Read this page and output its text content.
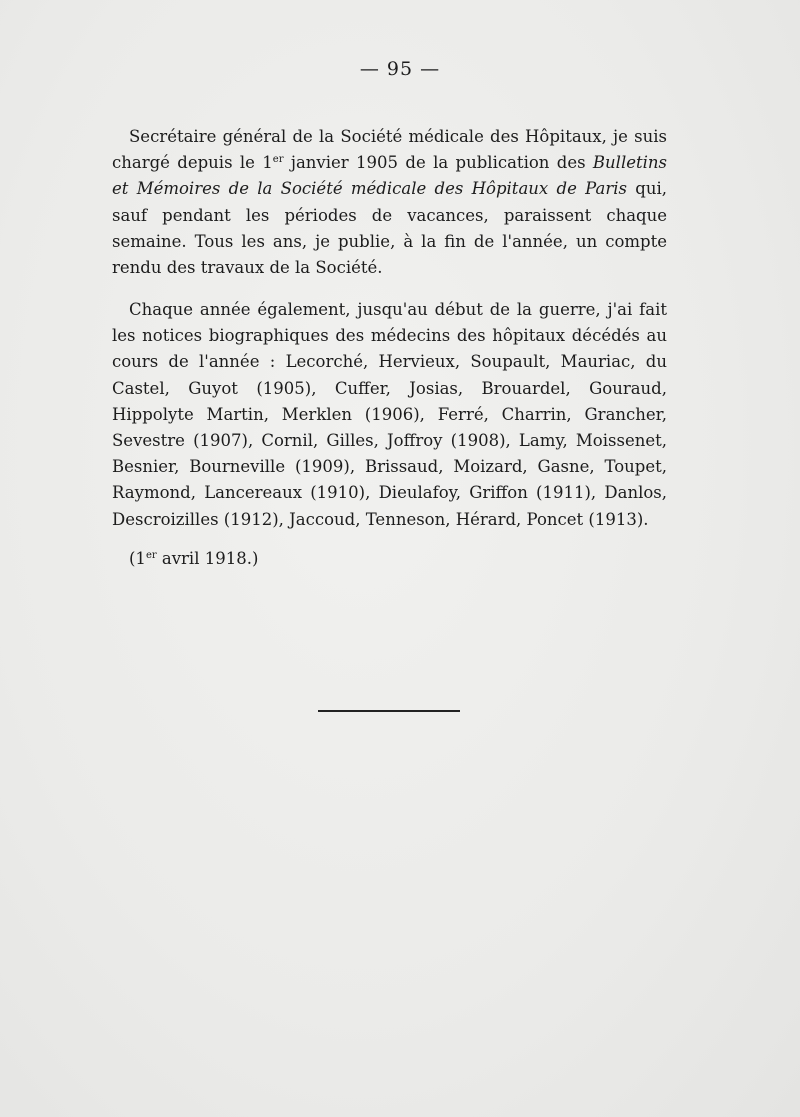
— 95 —

Secrétaire général de la Société médicale des Hôpitaux, je suis chargé depuis le 1er janvier 1905 de la publication des Bulletins et Mémoires de la Société médicale des Hôpitaux de Paris qui, sauf pendant les périodes de vacances, paraissent chaque semaine. Tous les ans, je publie, à la fin de l'année, un compte rendu des travaux de la Société.

Chaque année également, jusqu'au début de la guerre, j'ai fait les notices biographiques des médecins des hôpitaux décédés au cours de l'année : Lecorché, Hervieux, Soupault, Mauriac, du Castel, Guyot (1905), Cuffer, Josias, Brouardel, Gouraud, Hippolyte Martin, Merklen (1906), Ferré, Charrin, Grancher, Sevestre (1907), Cornil, Gilles, Joffroy (1908), Lamy, Moissenet, Besnier, Bourneville (1909), Brissaud, Moizard, Gasne, Toupet, Raymond, Lancereaux (1910), Dieulafoy, Griffon (1911), Danlos, Descroizilles (1912), Jaccoud, Tenneson, Hérard, Poncet (1913).

(1er avril 1918.)
